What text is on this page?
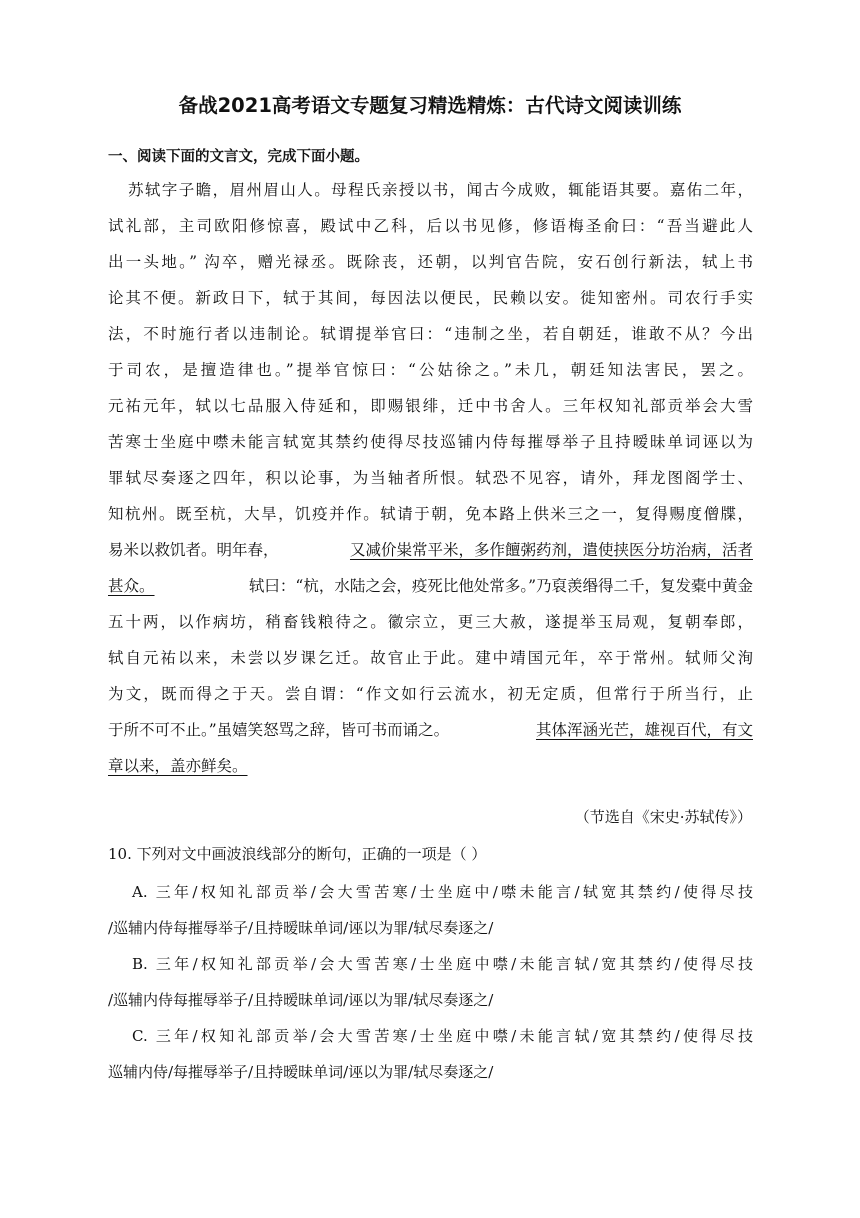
备战2021高考语文专题复习精选精炼：古代诗文阅读训练
一、阅读下面的文言文，完成下面小题。
苏轼字子瞻，眉州眉山人。母程氏亲授以书，闻古今成败，辄能语其要。嘉佑二年，
试礼部，主司欧阳修惊喜，殿试中乙科，后以书见修，修语梅圣俞曰：“吾当避此人
出一头地。” 沟卒，赠光禄丞。既除丧，还朝，以判官告院，安石创行新法，轼上书
论其不便。新政日下，轼于其间，每因法以便民，民赖以安。徙知密州。司农行手实
法，不时施行者以违制论。轼谓提举官曰：“违制之坐，若自朝廷，谁敢不从？今出
于司农，是擅造律也。”提举官惊曰：“公姑徐之。”未几，朝廷知法害民，罢之。
元祐元年，轼以七品服入侍延和，即赐银绯，迁中书舍人。三年权知礼部贡举会大雪
苦寒士坐庭中噤未能言轼宽其禁约使得尽技巡铺内侍每摧辱举子且持暧昧单词诬以为
罪轼尽奏逐之四年，积以论事，为当轴者所恨。轼恐不见容，请外，拜龙图阁学士、
知杭州。既至杭，大旱，饥疫并作。轼请于朝，免本路上供米三之一，复得赐度僧牒，
易米以救饥者。明年春，	又减价粜常平米，多作饘粥药剂，遣使挟医分坊治病，活者
甚众。	轼曰：“杭，水陆之会，疫死比他处常多。”乃裒羡缗得二千，复发橐中黄金
五十两，以作病坊，稍畜钱粮待之。徽宗立，更三大赦，遂提举玉局观，复朝奉郎，
轼自元祐以来，未尝以岁课乞迁。故官止于此。建中靖国元年，卒于常州。轼师父洵
为文，既而得之于天。尝自谓：“作文如行云流水，初无定质，但常行于所当行，止
于所不可不止。”虽嬉笑怒骂之辞，皆可书而诵之。	其体浑涵光芒，雄视百代，有文
章以来，盖亦鲜矣。
（节选自《宋史·苏轼传》）
10. 下列对文中画波浪线部分的断句，正确的一项是（ ）
A. 三年/权知礼部贡举/会大雪苦寒/士坐庭中/噤未能言/轼宽其禁约/使得尽技
/巡辅内侍每摧辱举子/且持暧昧单词/诬以为罪/轼尽奏逐之/
B. 三年/权知礼部贡举/会大雪苦寒/士坐庭中噤/未能言轼/宽其禁约/使得尽技
/巡辅内侍每摧辱举子/且持暧昧单词/诬以为罪/轼尽奏逐之/
C. 三年/权知礼部贡举/会大雪苦寒/士坐庭中噤/未能言轼/宽其禁约/使得尽技
巡辅内侍/每摧辱举子/且持暧昧单词/诬以为罪/轼尽奏逐之/
